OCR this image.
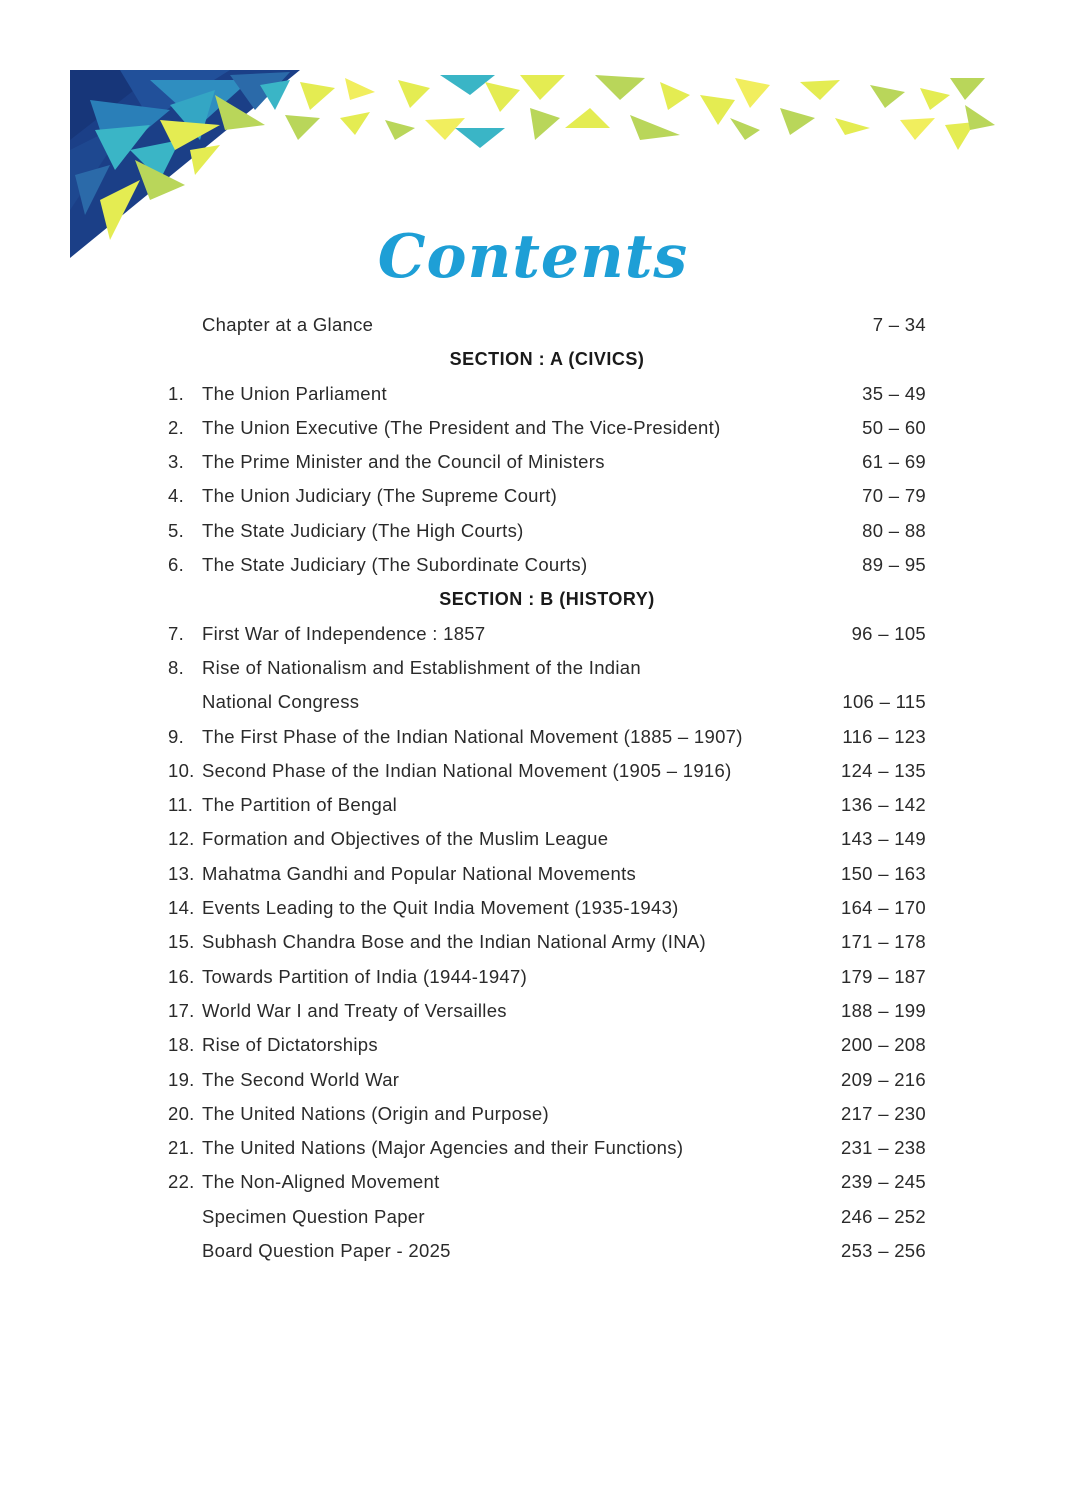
Contents
Chapter at a Glance	7 – 34
SECTION : A (CIVICS)
1. The Union Parliament	35 – 49
2. The Union Executive (The President and The Vice-President)	50 – 60
3. The Prime Minister and the Council of Ministers	61 – 69
4. The Union Judiciary (The Supreme Court)	70 – 79
5. The State Judiciary (The High Courts)	80 – 88
6. The State Judiciary (The Subordinate Courts)	89 – 95
SECTION : B (HISTORY)
7. First War of Independence : 1857	96 – 105
8. Rise of Nationalism and Establishment of the Indian
National Congress	106 – 115
9. The First Phase of the Indian National Movement (1885 – 1907)	116 – 123
10. Second Phase of the Indian National Movement (1905 – 1916)	124 – 135
11. The Partition of Bengal	136 – 142
12. Formation and Objectives of the Muslim League	143 – 149
13. Mahatma Gandhi and Popular National Movements	150 – 163
14. Events Leading to the Quit India Movement (1935-1943)	164 – 170
15. Subhash Chandra Bose and the Indian National Army (INA)	171 – 178
16. Towards Partition of India (1944-1947)	179 – 187
17. World War I and Treaty of Versailles	188 – 199
18. Rise of Dictatorships	200 – 208
19. The Second World War	209 – 216
20. The United Nations (Origin and Purpose)	217 – 230
21. The United Nations (Major Agencies and their Functions)	231 – 238
22. The Non-Aligned Movement	239 – 245
Specimen Question Paper	246 – 252
Board Question Paper - 2025	253 – 256
